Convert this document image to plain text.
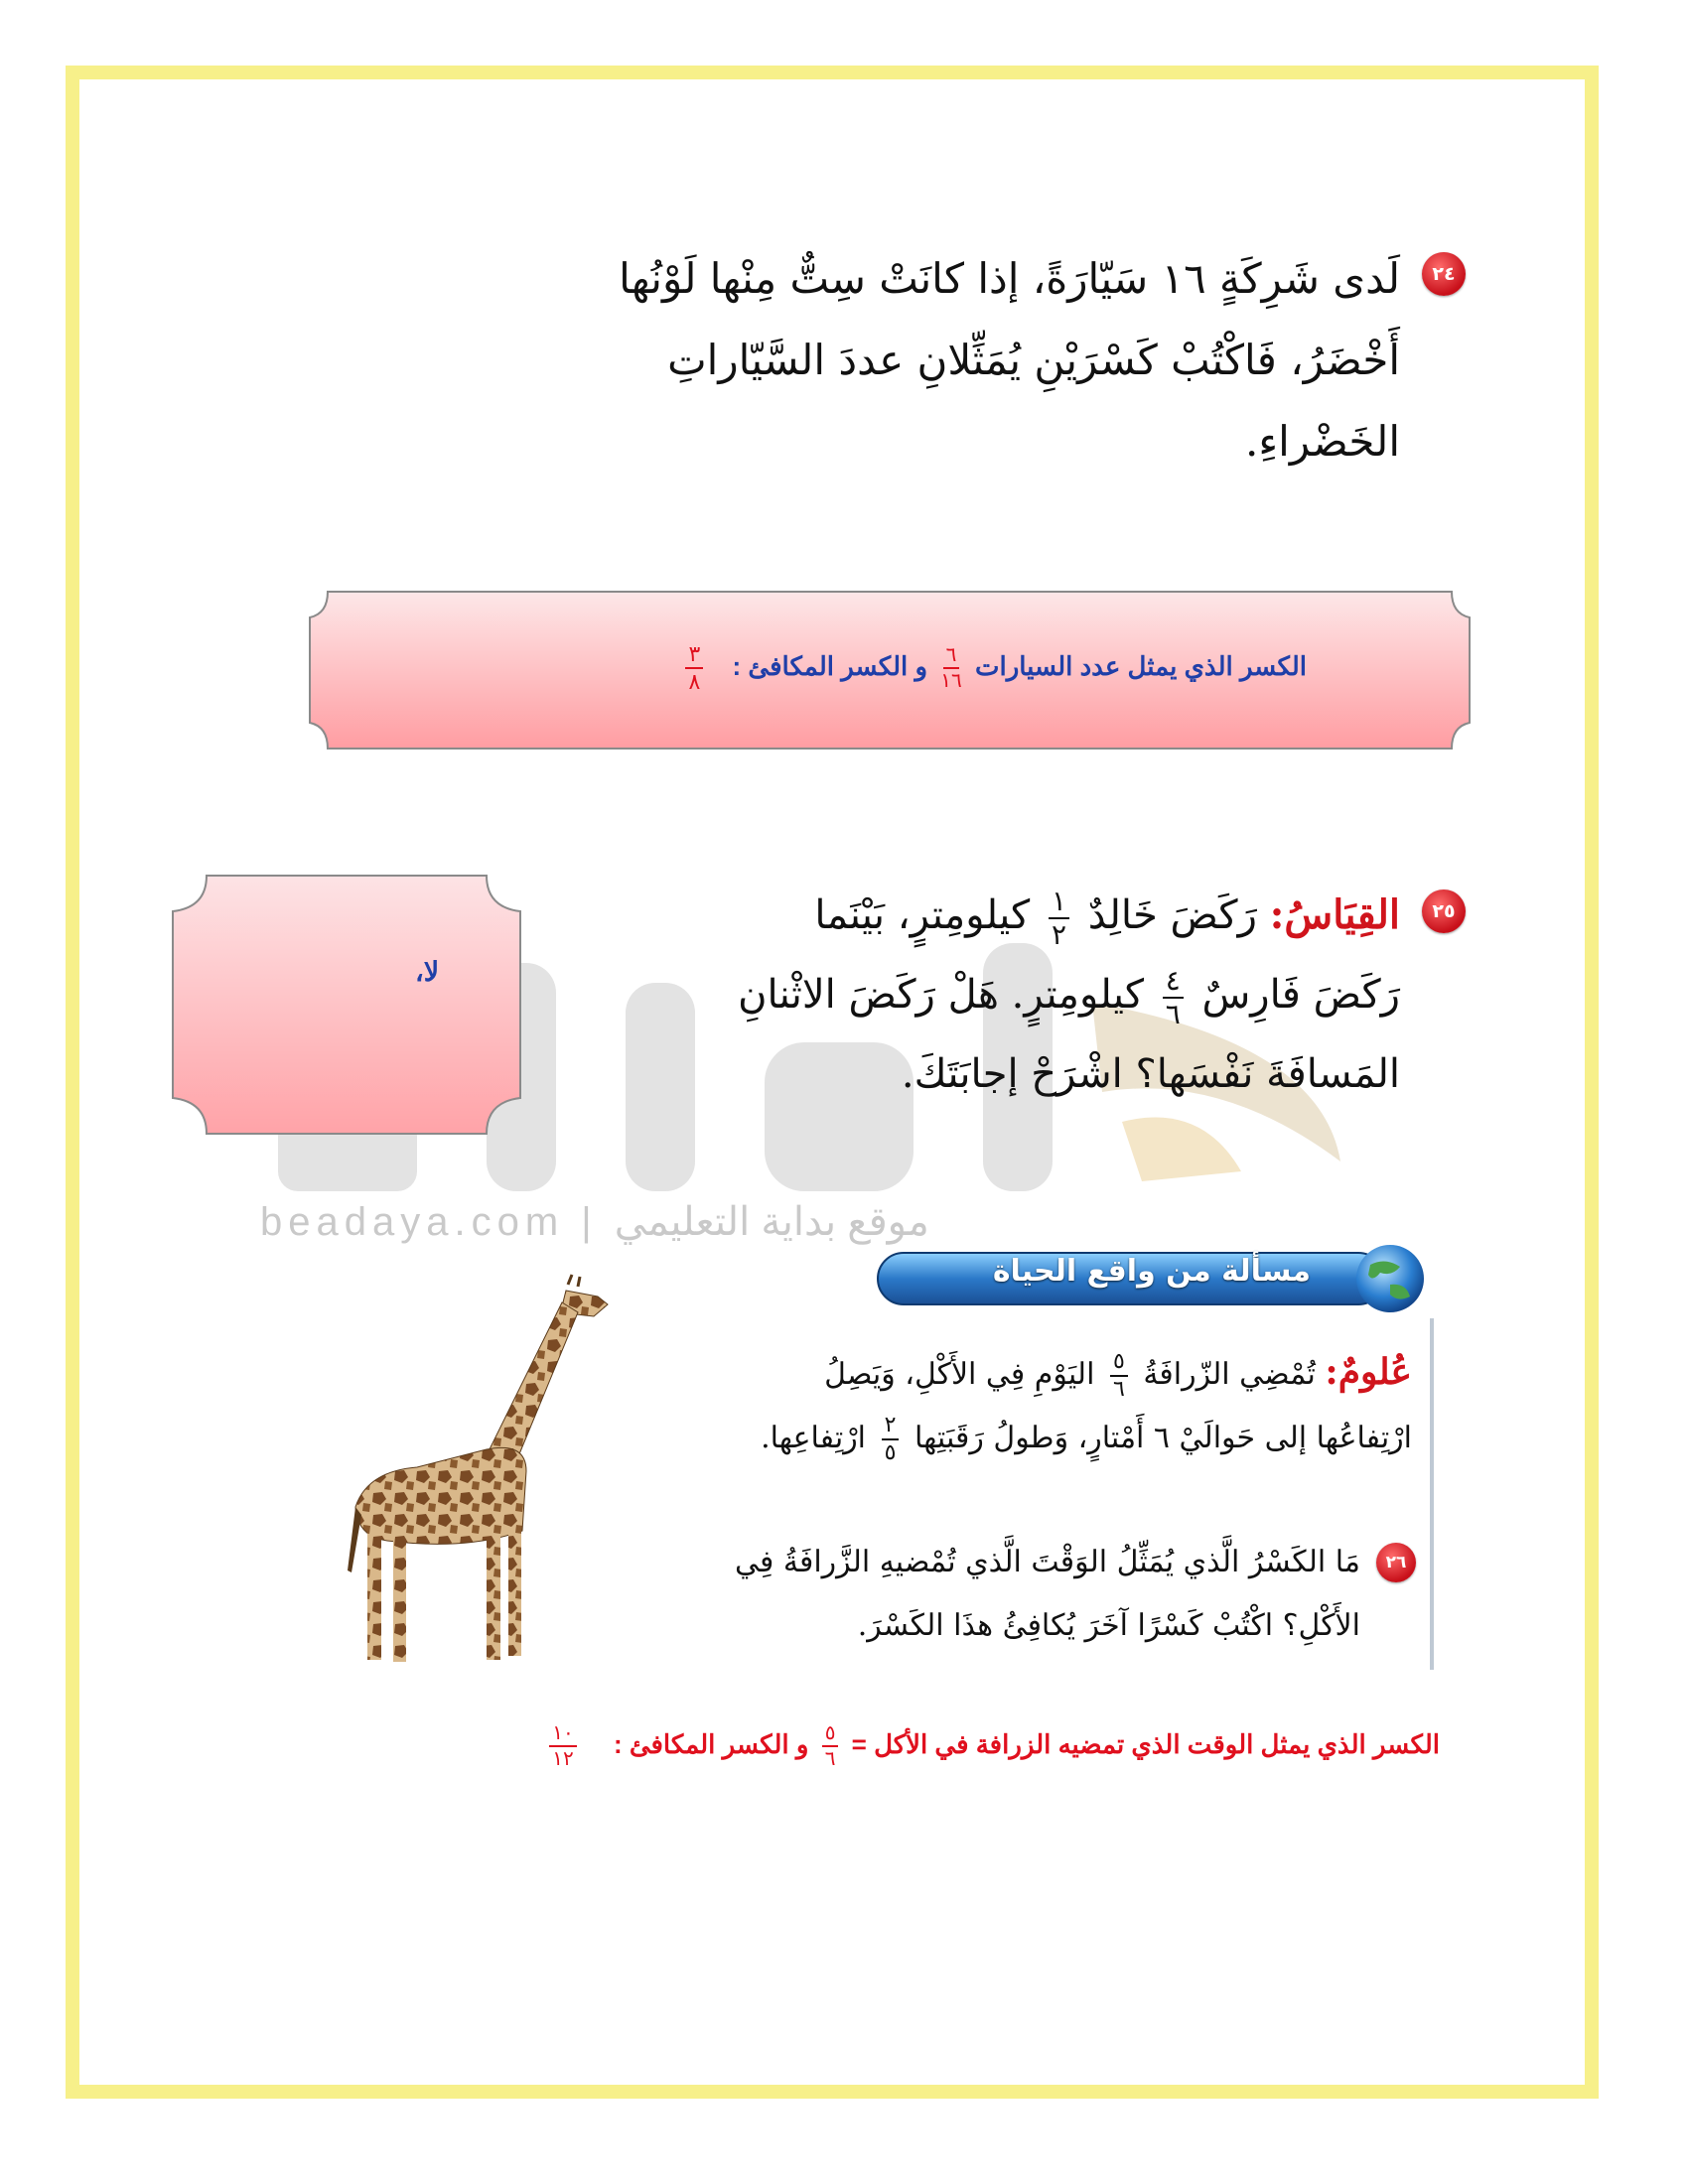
٢٤

لَدى شَرِكَةٍ ١٦ سَيّارَةً، إذا كانَتْ سِتٌّ مِنْها لَوْنُها

أَخْضَرُ، فَاكْتُبْ كَسْرَيْنِ يُمَثِّلانِ عددَ السَّيّاراتِ

الخَضْراءِ.

الكسر الذي يمثل عدد السيارات
$\frac{٦}{١٦}$
و الكسر المكافئ :
$\frac{٣}{٨}$
٢٥

القِيَاسُ: رَكَضَ خَالِدٌ
$\frac{١}{٢}$
كيلومِترٍ، بَيْنَما

رَكَضَ فَارِسٌ
$\frac{٤}{٦}$
كيلومِترٍ. هَلْ رَكَضَ الاثْنانِ

المَسافَةَ نَفْسَها؟ اشْرَحْ إجابَتَكَ.

لا،
beadaya.com | موقع بداية التعليمي
مسألة من واقع الحياة

عُلومٌ: تُمْضِي الزّرافَةُ
$\frac{٥}{٦}$
اليَوْمِ فِي الأَكْلِ، وَيَصِلُ

ارْتِفاعُها إلى حَوالَيْ ٦ أَمْتارٍ، وَطولُ رَقَبَتِها
$\frac{٢}{٥}$
ارْتِفاعِها.

٢٦

مَا الكَسْرُ الَّذي يُمَثِّلُ الوَقْتَ الَّذي تُمْضيهِ الزَّرافَةُ فِي

الأَكْلِ؟ اكْتُبْ كَسْرًا آخَرَ يُكافِئُ هذَا الكَسْرَ.

الكسر الذي يمثل الوقت الذي تمضيه الزرافة في الأكل =
$\frac{٥}{٦}$
و الكسر المكافئ :
$\frac{١٠}{١٢}$
